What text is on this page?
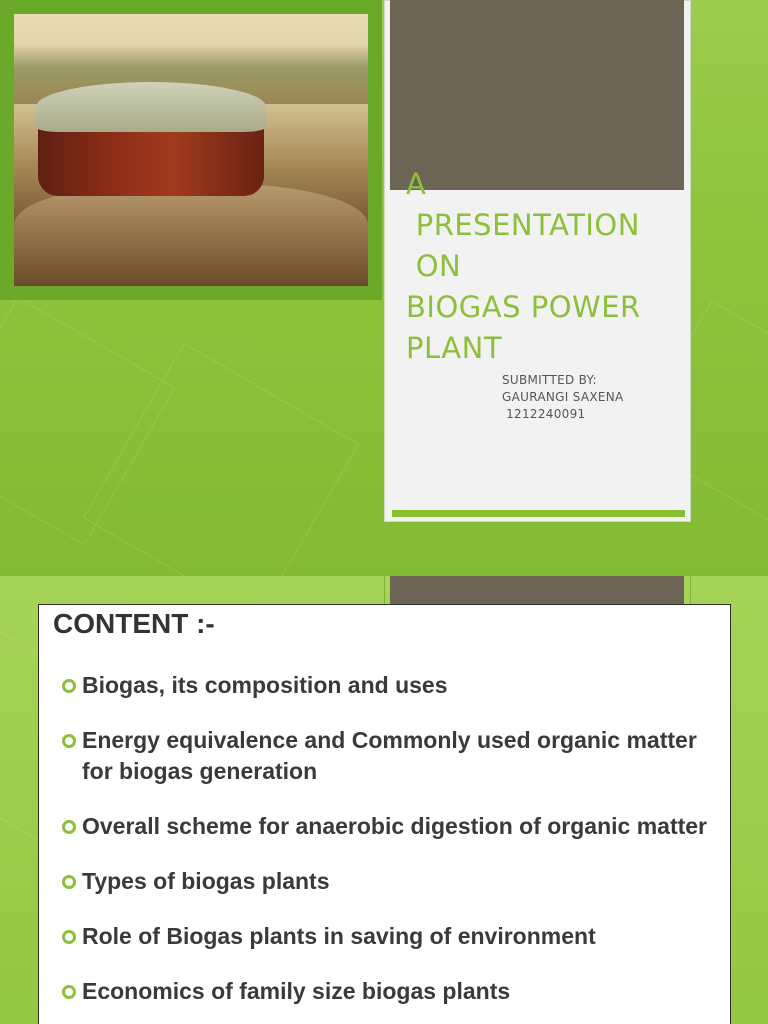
A
PRESENTATION
ON
BIOGAS POWER
PLANT
SUBMITTED BY:
GAURANGI SAXENA
1212240091
CONTENT :-
Biogas, its composition and uses
Energy equivalence and Commonly used organic matter for biogas generation
Overall scheme for anaerobic digestion of organic matter
Types of biogas plants
Role of Biogas plants in saving of environment
Economics of family size biogas plants
